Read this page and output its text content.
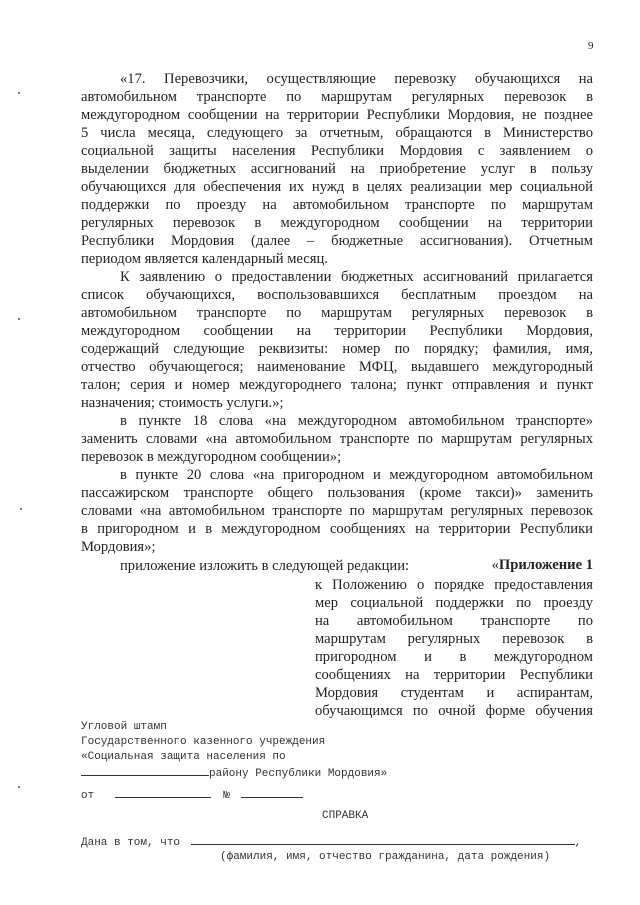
9
«17. Перевозчики, осуществляющие перевозку обучающихся на
автомобильном транспорте по маршрутам регулярных перевозок в
междугородном сообщении на территории Республики Мордовия, не позднее
5 числа месяца, следующего за отчетным, обращаются в Министерство
социальной защиты населения Республики Мордовия с заявлением о
выделении бюджетных ассигнований на приобретение услуг в пользу
обучающихся для обеспечения их нужд в целях реализации мер социальной
поддержки по проезду на автомобильном транспорте по маршрутам
регулярных перевозок в междугородном сообщении на территории
Республики Мордовия (далее – бюджетные ассигнования). Отчетным
периодом является календарный месяц.
К заявлению о предоставлении бюджетных ассигнований прилагается
список обучающихся, воспользовавшихся бесплатным проездом на
автомобильном транспорте по маршрутам регулярных перевозок в
междугородном сообщении на территории Республики Мордовия,
содержащий следующие реквизиты: номер по порядку; фамилия, имя,
отчество обучающегося; наименование МФЦ, выдавшего междугородный
талон; серия и номер междугороднего талона; пункт отправления и пункт
назначения; стоимость услуги.»;
в пункте 18 слова «на междугородном автомобильном транспорте»
заменить словами «на автомобильном транспорте по маршрутам регулярных
перевозок в междугородном сообщении»;
в пункте 20 слова «на пригородном и междугородном автомобильном
пассажирском транспорте общего пользования (кроме такси)» заменить
словами «на автомобильном транспорте по маршрутам регулярных перевозок
в пригородном и в междугородном сообщениях на территории Республики
Мордовия»;
приложение изложить в следующей редакции:	«Приложение 1
к Положению о порядке предоставления
мер социальной поддержки по проезду
на автомобильном транспорте по
маршрутам регулярных перевозок в
пригородном и в междугородном
сообщениях на территории Республики
Мордовия студентам и аспирантам,
обучающимся по очной форме обучения
Угловой штамп
Государственного казенного учреждения
«Социальная защита населения по
району Республики Мордовия»
от	№
СПРАВКА
Дана в том, что	,
(фамилия, имя, отчество гражданина, дата рождения)
